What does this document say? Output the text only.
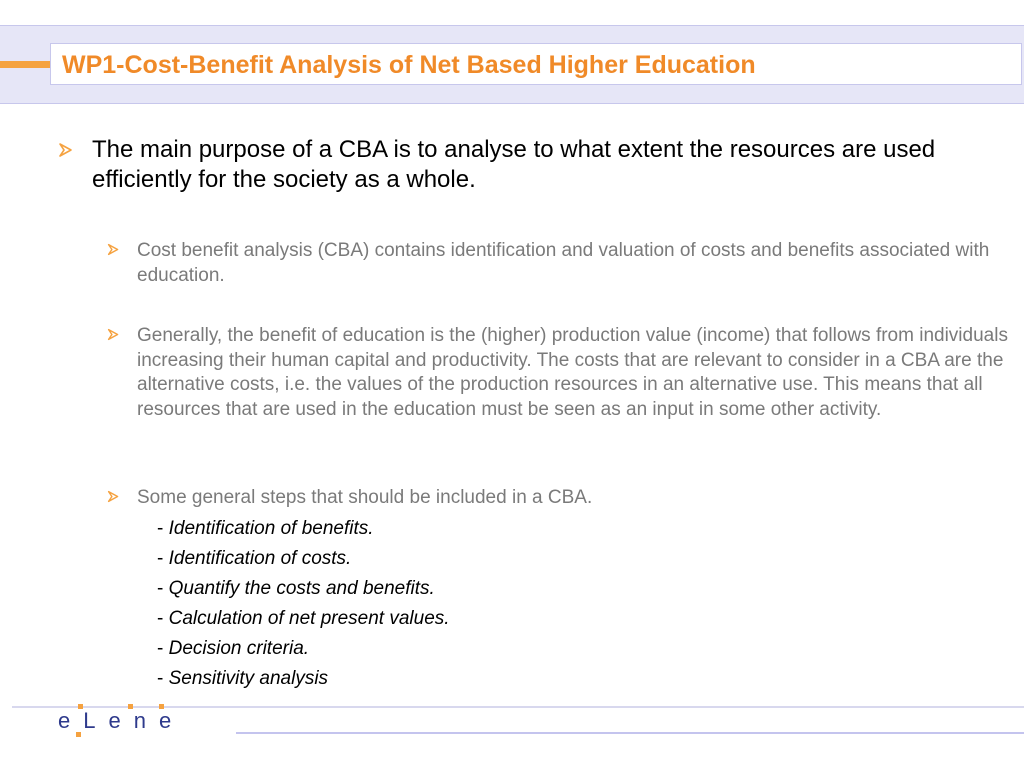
WP1-Cost-Benefit Analysis of Net Based Higher Education
The main purpose of a CBA is to analyse to what extent the resources are used efficiently for the society as a whole.
Cost benefit analysis (CBA) contains identification and valuation of costs and benefits associated with education.
Generally, the benefit of education is the (higher) production value (income) that follows from individuals increasing their human capital and productivity. The costs that are relevant to consider in a CBA are the alternative costs, i.e. the values of the production resources in an alternative use. This means that all resources that are used in the education must be seen as an input in some other activity.
Some general steps that should be included in a CBA.
- Identification of benefits.
- Identification of costs.
- Quantify the costs and benefits.
- Calculation of net present values.
- Decision criteria.
- Sensitivity analysis
eLene
